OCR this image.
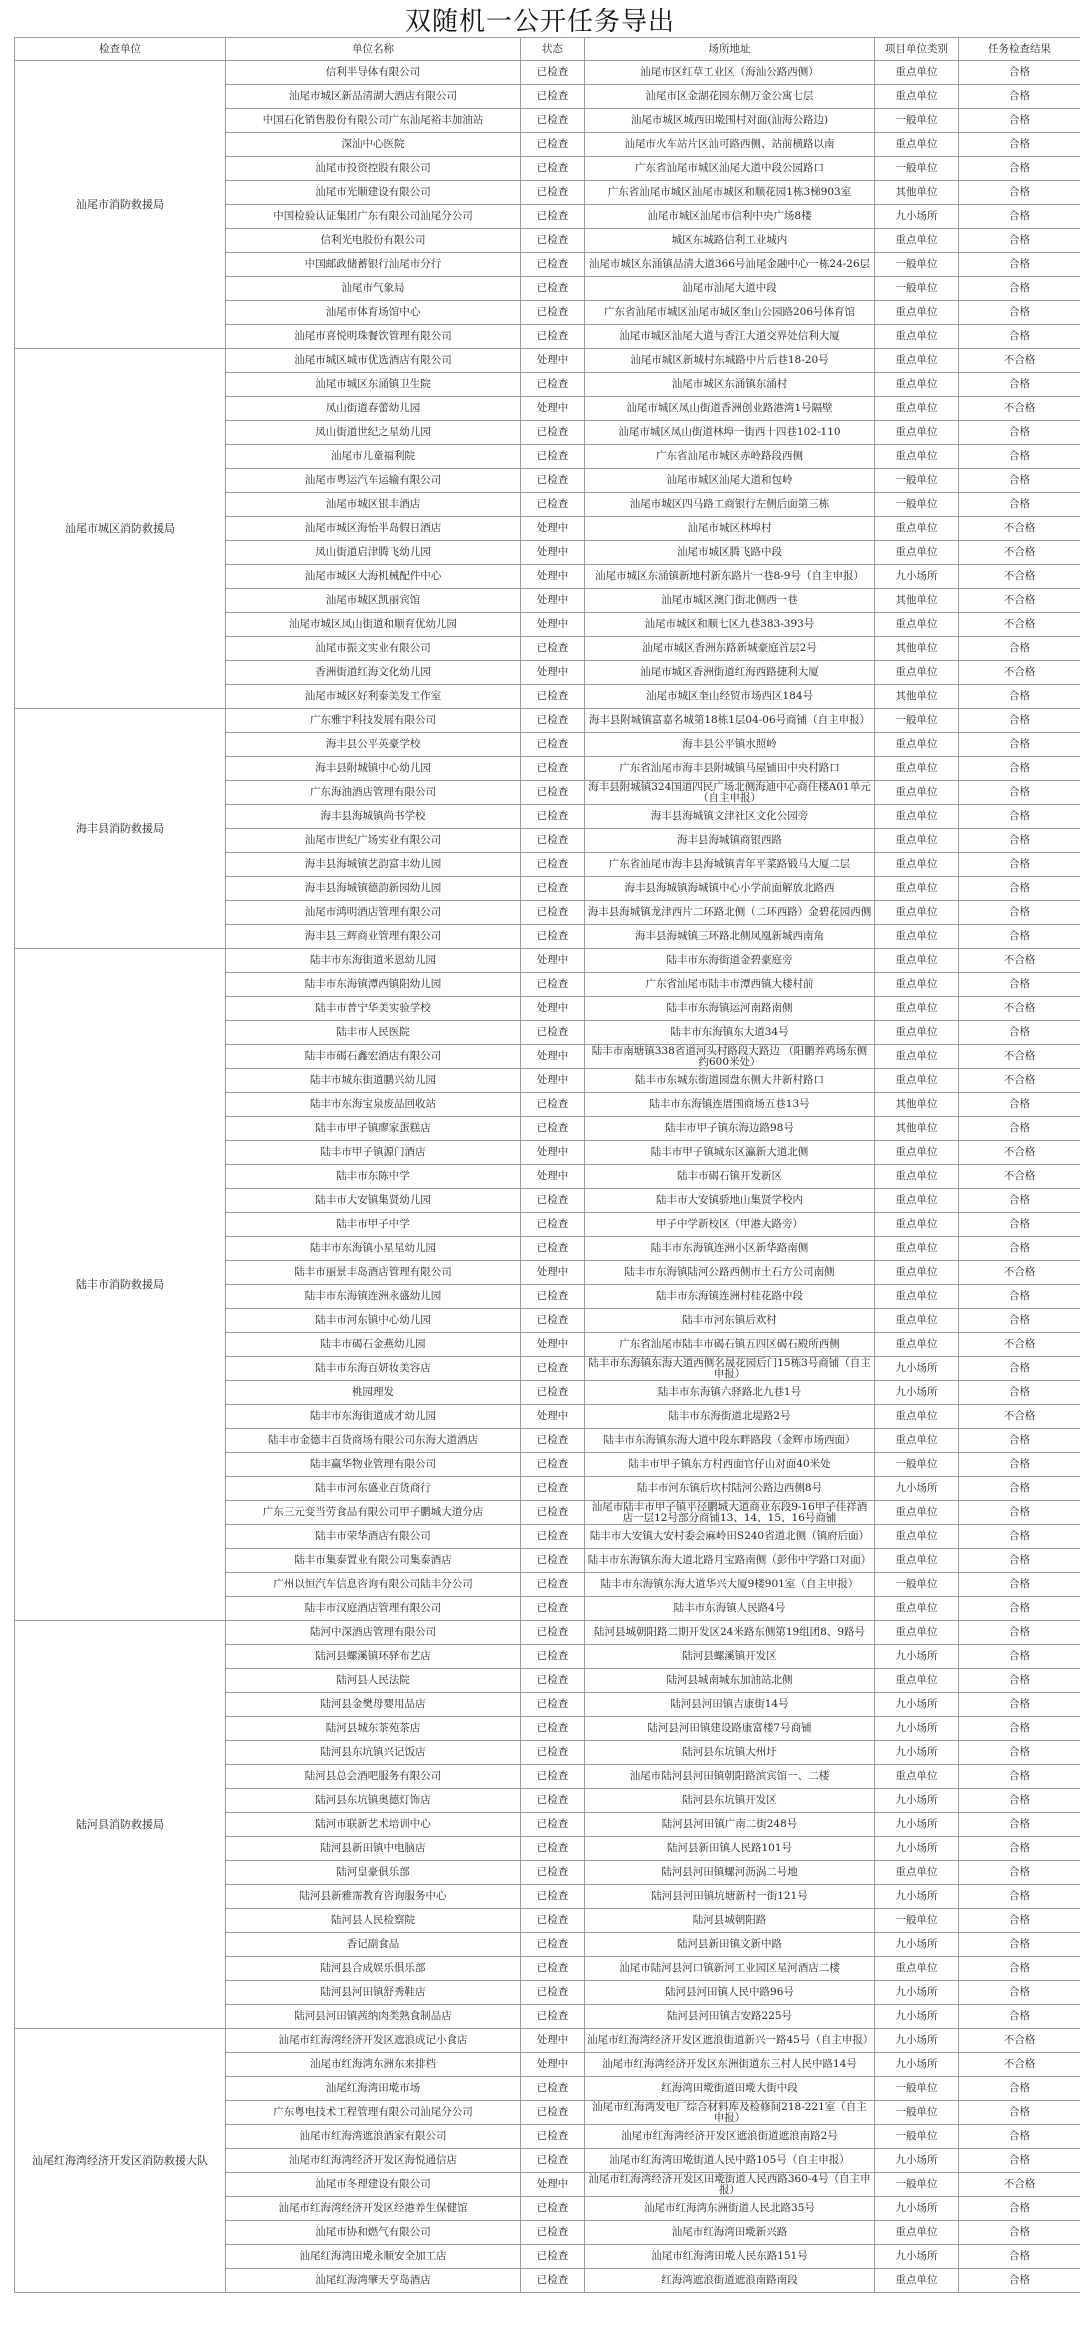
双随机一公开任务导出
检查单位	单位名称	状态	场所地址	项目单位类别	任务检查结果
汕尾市消防救援局	信利半导体有限公司	已检查	汕尾市区红草工业区（海汕公路西侧）	重点单位	合格
	汕尾市城区新品清湖大酒店有限公司	已检查	汕尾市区金湖花园东侧万金公寓七层	重点单位	合格
	中国石化销售股份有限公司广东汕尾裕丰加油站	已检查	汕尾市城区城西田墘围村对面(汕海公路边)	一般单位	合格
	深汕中心医院	已检查	汕尾市火车站片区汕可路西侧、站前横路以南	重点单位	合格
	汕尾市投资控股有限公司	已检查	广东省汕尾市城区汕尾大道中段公园路口	一般单位	合格
	汕尾市光顺建设有限公司	已检查	广东省汕尾市城区汕尾市城区和顺花园1栋3梯903室	其他单位	合格
	中国检验认证集团广东有限公司汕尾分公司	已检查	汕尾市城区汕尾市信利中央广场8楼	九小场所	合格
	信利光电股份有限公司	已检查	城区东城路信利工业城内	重点单位	合格
	中国邮政储蓄银行汕尾市分行	已检查	汕尾市城区东涌镇品清大道366号汕尾金融中心一栋24-26层	一般单位	合格
	汕尾市气象局	已检查	汕尾市汕尾大道中段	一般单位	合格
	汕尾市体育场馆中心	已检查	广东省汕尾市城区汕尾市城区奎山公园路206号体育馆	重点单位	合格
	汕尾市喜悦明珠餐饮管理有限公司	已检查	汕尾市城区汕尾大道与香江大道交界处信利大厦	重点单位	合格
汕尾市城区消防救援局	汕尾市城区城市优选酒店有限公司	处理中	汕尾市城区新城村东城路中片后巷18-20号	重点单位	不合格
	汕尾市城区东涌镇卫生院	已检查	汕尾市城区东涌镇东涌村	重点单位	合格
	凤山街道春蕾幼儿园	处理中	汕尾市城区凤山街道香洲创业路港湾1号隔壁	重点单位	不合格
	凤山街道世纪之星幼儿园	已检查	汕尾市城区凤山街道林埠一街西十四巷102-110	重点单位	合格
	汕尾市儿童福利院	已检查	广东省汕尾市城区赤岭路段西侧	重点单位	合格
	汕尾市粤运汽车运输有限公司	已检查	汕尾市城区汕尾大道和包岭	一般单位	合格
	汕尾市城区银丰酒店	已检查	汕尾市城区四马路工商银行左侧后面第三栋	一般单位	合格
	汕尾市城区海怡半岛假日酒店	处理中	汕尾市城区林埠村	重点单位	不合格
	凤山街道启津腾飞幼儿园	处理中	汕尾市城区腾飞路中段	重点单位	不合格
	汕尾市城区大海机械配件中心	处理中	汕尾市城区东涌镇新地村新东路片一巷8-9号（自主申报）	九小场所	不合格
	汕尾市城区凯丽宾馆	处理中	汕尾市城区澳门街北侧西一巷	其他单位	不合格
	汕尾市城区凤山街道和顺育优幼儿园	处理中	汕尾市城区和顺七区九巷383-393号	重点单位	不合格
	汕尾市振文实业有限公司	已检查	汕尾市城区香洲东路新城豪庭首层2号	其他单位	合格
	香洲街道红海文化幼儿园	处理中	汕尾市城区香洲街道红海西路捷利大厦	重点单位	不合格
	汕尾市城区好利泰美发工作室	已检查	汕尾市城区奎山经贸市场西区184号	其他单位	合格
海丰县消防救援局	广东雅宇科技发展有限公司	已检查	海丰县附城镇富嘉名城第18栋1层04-06号商铺（自主申报）	一般单位	合格
	海丰县公平英豪学校	已检查	海丰县公平镇水照岭	重点单位	合格
	海丰县附城镇中心幼儿园	已检查	广东省汕尾市海丰县附城镇马屋铺田中央村路口	重点单位	合格
	广东海油酒店管理有限公司	已检查	海丰县附城镇324国道四民广场北侧海迪中心商住楼A01单元（自主申报）	重点单位	合格
	海丰县海城镇尚书学校	已检查	海丰县海城镇文津社区文化公园旁	重点单位	合格
	汕尾市世纪广场实业有限公司	已检查	海丰县海城镇商银西路	重点单位	合格
	海丰县海城镇艺韵富丰幼儿园	已检查	广东省汕尾市海丰县海城镇青年平菜路锻马大厦二层	重点单位	合格
	海丰县海城镇德韵新园幼儿园	已检查	海丰县海城镇海城镇中心小学前面解放北路西	重点单位	合格
	汕尾市鸿明酒店管理有限公司	已检查	海丰县海城镇龙津西片二环路北侧（二环西路）金碧花园西侧	重点单位	合格
	海丰县三辉商业管理有限公司	已检查	海丰县海城镇三环路北侧凤凰新城西南角	重点单位	合格
陆丰市消防救援局	陆丰市东海街道米恩幼儿园	处理中	陆丰市东海街道金碧豪庭旁	重点单位	不合格
	陆丰市东海镇潭西镇阳幼儿园	已检查	广东省汕尾市陆丰市潭西镇大楼村前	重点单位	合格
	陆丰市普宁华美实验学校	处理中	陆丰市东海镇运河南路南侧	重点单位	不合格
	陆丰市人民医院	已检查	陆丰市东海镇东大道34号	重点单位	合格
	陆丰市碣石鑫宏酒店有限公司	处理中	陆丰市南塘镇338省道河头村路段大路边 （阳鹏养鸡场东侧约600米处）	重点单位	不合格
	陆丰市城东街道鹏兴幼儿园	处理中	陆丰市东城东街道园盘东侧大井新村路口	重点单位	不合格
	陆丰市东海宝泉废品回收站	已检查	陆丰市东海镇连厝围商场五巷13号	其他单位	合格
	陆丰市甲子镇廖家蛋糕店	已检查	陆丰市甲子镇东海边路98号	其他单位	合格
	陆丰市甲子镇源门酒店	处理中	陆丰市甲子镇城东区瀛新大道北侧	重点单位	不合格
	陆丰市东陈中学	处理中	陆丰市碣石镇开发新区	重点单位	不合格
	陆丰市大安镇集贤幼儿园	已检查	陆丰市大安镇骄地山集贤学校内	重点单位	合格
	陆丰市甲子中学	已检查	甲子中学新校区（甲港大路旁）	重点单位	合格
	陆丰市东海镇小星星幼儿园	已检查	陆丰市东海镇连洲小区新华路南侧	重点单位	合格
	陆丰市丽景丰岛酒店管理有限公司	处理中	陆丰市东海镇陆河公路西侧市土石方公司南侧	重点单位	不合格
	陆丰市东海镇连洲永盛幼儿园	已检查	陆丰市东海镇连洲村桂花路中段	重点单位	合格
	陆丰市河东镇中心幼儿园	已检查	陆丰市河东镇后欢村	重点单位	合格
	陆丰市碣石金燕幼儿园	处理中	广东省汕尾市陆丰市碣石镇五四区碣石殿所西侧	重点单位	不合格
	陆丰市东海百妍妆美容店	已检查	陆丰市东海镇东海大道西侧名晟花园后门15栋3号商铺（自主申报）	九小场所	合格
	桃园理发	已检查	陆丰市东海镇六驿路北九巷1号	九小场所	合格
	陆丰市东海街道成才幼儿园	处理中	陆丰市东海街道北堤路2号	重点单位	不合格
	陆丰市金德丰百货商场有限公司东海大道酒店	已检查	陆丰市东海镇东海大道中段东畔路段（金辉市场西面）	重点单位	合格
	陆丰赢华物业管理有限公司	已检查	陆丰市甲子镇东方村西面官仔山对面40米处	一般单位	合格
	陆丰市河东盛业百货商行	已检查	陆丰市河东镇后坎村陆河公路边西侧8号	九小场所	合格
	广东三元变当劳食品有限公司甲子鹏城大道分店	已检查	汕尾市陆丰市甲子镇平径鹏城大道商业东段9-16甲子佳祥酒店一层12号部分商铺13、14、15、16号商铺	重点单位	合格
	陆丰市荣华酒店有限公司	已检查	陆丰市大安镇大安村委会麻岭田S240省道北侧（镇府后面）	重点单位	合格
	陆丰市集泰置业有限公司集泰酒店	已检查	陆丰市东海镇东海大道北路月宝路南侧（彭伟中学路口对面）	重点单位	合格
	广州以恒汽车信息咨询有限公司陆丰分公司	已检查	陆丰市东海镇东海大道华兴大厦9楼901室（自主申报）	一般单位	合格
	陆丰市汉庭酒店管理有限公司	已检查	陆丰市东海镇人民路4号	重点单位	合格
陆河县消防救援局	陆河中深酒店管理有限公司	已检查	陆河县城朝阳路二期开发区24米路东侧第19组团8、9路号	重点单位	合格
	陆河县螺溪镇环驿布艺店	已检查	陆河县螺溪镇开发区	九小场所	合格
	陆河县人民法院	已检查	陆河县城南城东加油站北侧	重点单位	合格
	陆河县金樊母婴用品店	已检查	陆河县河田镇吉康街14号	九小场所	合格
	陆河县城东茶苑茶店	已检查	陆河县河田镇建设路康富楼7号商铺	九小场所	合格
	陆河县东坑镇兴记饭店	已检查	陆河县东坑镇大州圩	九小场所	合格
	陆河县总会酒吧服务有限公司	已检查	汕尾市陆河县河田镇朝阳路滨宾馆一、二楼	重点单位	合格
	陆河县东坑镇奥德灯饰店	已检查	陆河县东坑镇开发区	九小场所	合格
	陆河市联新艺术培训中心	已检查	陆河县河田镇广南二街248号	九小场所	合格
	陆河县新田镇中电脑店	已检查	陆河县新田镇人民路101号	九小场所	合格
	陆河皇豪俱乐部	已检查	陆河县河田镇螺河沥涡二号地	重点单位	合格
	陆河县新雅霈教育咨询服务中心	已检查	陆河县河田镇坑塘新村一街121号	九小场所	合格
	陆河县人民检察院	已检查	陆河县城朝阳路	一般单位	合格
	香记副食品	已检查	陆河县新田镇文新中路	九小场所	合格
	陆河县合成娱乐俱乐部	已检查	汕尾市陆河县河口镇新河工业园区星河酒店二楼	重点单位	合格
	陆河县河田镇舒秀鞋店	已检查	陆河县河田镇人民中路96号	九小场所	合格
	陆河县河田镇茜纳肉类熟食制品店	已检查	陆河县河田镇吉安路225号	九小场所	合格
汕尾红海湾经济开发区消防救援大队	汕尾市红海湾经济开发区遮浪成记小食店	处理中	汕尾市红海湾经济开发区遮浪街道新兴一路45号（自主申报）	九小场所	不合格
	汕尾市红海湾东洲东来排档	处理中	汕尾市红海湾经济开发区东洲街道东三村人民中路14号	九小场所	不合格
	汕尾红海湾田墘市场	已检查	红海湾田墘街道田墘大街中段	一般单位	合格
	广东粤电技术工程管理有限公司汕尾分公司	已检查	汕尾市红海湾发电厂综合材料库及检修间218-221室（自主申报）	一般单位	合格
	汕尾市红海湾遮浪酒家有限公司	已检查	汕尾市红海湾经济开发区遮浪街道遮浪南路2号	一般单位	合格
	汕尾市红海湾经济开发区海悦通信店	已检查	汕尾市红海湾田墘街道人民中路105号（自主申报）	九小场所	合格
	汕尾市冬理建设有限公司	处理中	汕尾市红海湾经济开发区田墘街道人民西路360-4号（自主申报）	一般单位	不合格
	汕尾市红海湾经济开发区经港养生保健馆	已检查	汕尾市红海湾东洲街道人民北路35号	九小场所	合格
	汕尾市协和燃气有限公司	已检查	汕尾市红海湾田墘新兴路	重点单位	合格
	汕尾红海湾田墘永顺安全加工店	已检查	汕尾市红海湾田墘人民东路151号	九小场所	合格
	汕尾红海湾肇天亨岛酒店	已检查	红海湾遮浪街道遮浪南路南段	重点单位	合格
